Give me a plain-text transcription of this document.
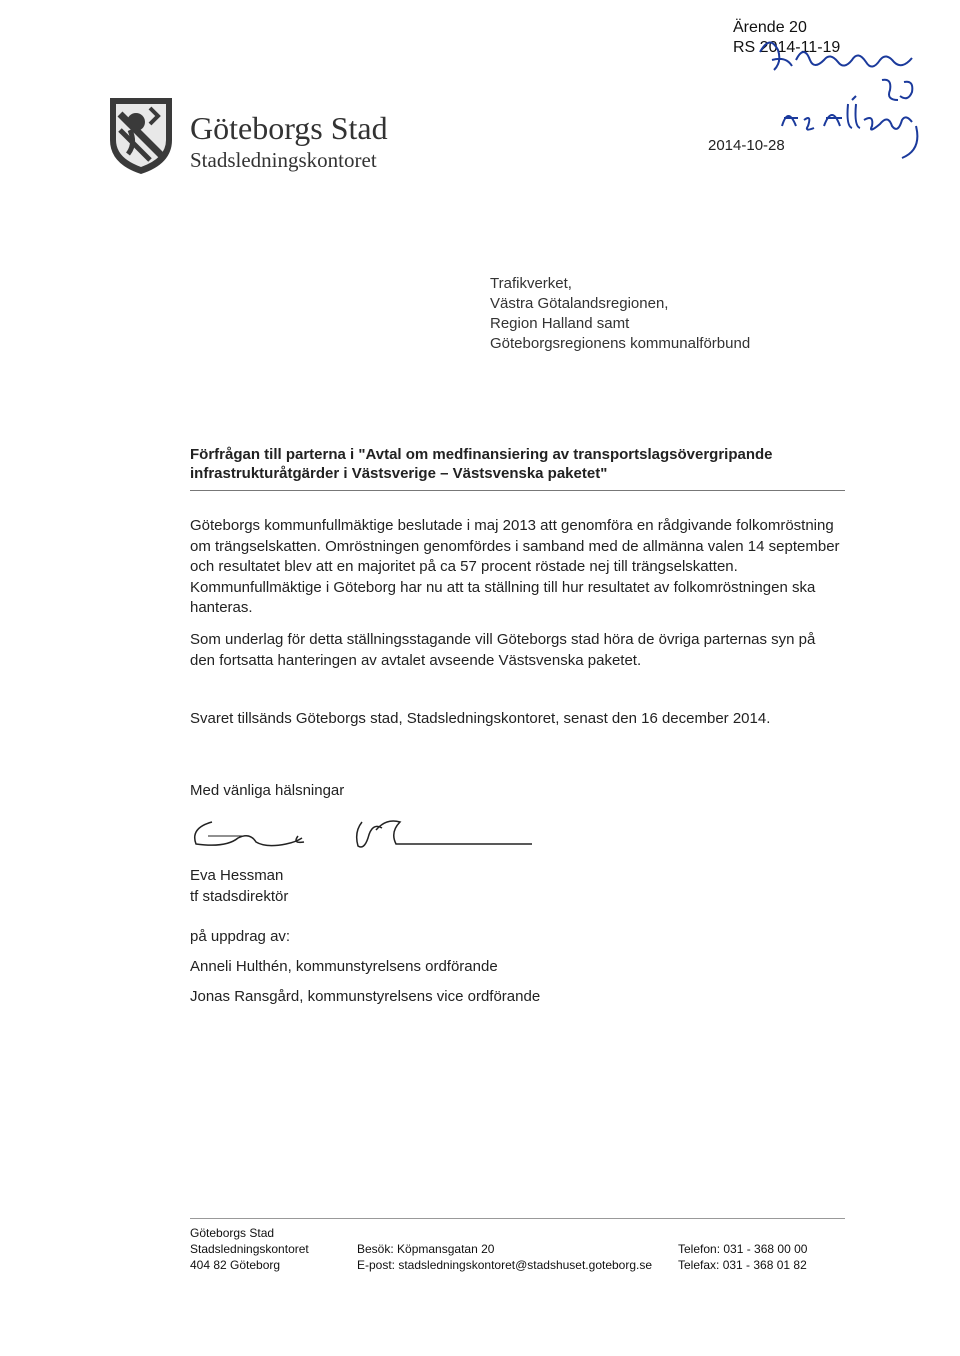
Göteborgs Stad
Stadsledningskontoret
Ärende 20
RS 2014-11-19
2014-10-28
Trafikverket,
Västra Götalandsregionen,
Region Halland samt
Göteborgsregionens kommunalförbund
Förfrågan till parterna i "Avtal om medfinansiering av transportslagsövergripande infrastrukturåtgärder i Västsverige – Västsvenska paketet"
Göteborgs kommunfullmäktige beslutade i maj 2013 att genomföra en rådgivande folkomröstning om trängselskatten. Omröstningen genomfördes i samband med de allmänna valen 14 september och resultatet blev att en majoritet på ca 57 procent röstade nej till trängselskatten. Kommunfullmäktige i Göteborg har nu att ta ställning till hur resultatet av folkomröstningen ska hanteras.
Som underlag för detta ställningsstagande vill Göteborgs stad höra de övriga parternas syn på den fortsatta hanteringen av avtalet avseende Västsvenska paketet.
Svaret tillsänds Göteborgs stad, Stadsledningskontoret, senast den 16 december 2014.
Med vänliga hälsningar
Eva Hessman
tf stadsdirektör
på uppdrag av:
Anneli Hulthén, kommunstyrelsens ordförande
Jonas Ransgård, kommunstyrelsens vice ordförande
Göteborgs Stad
Stadsledningskontoret
404 82 Göteborg
Besök: Köpmansgatan 20
E-post: stadsledningskontoret@stadshuset.goteborg.se
Telefon: 031 - 368 00 00
Telefax: 031 - 368 01 82
